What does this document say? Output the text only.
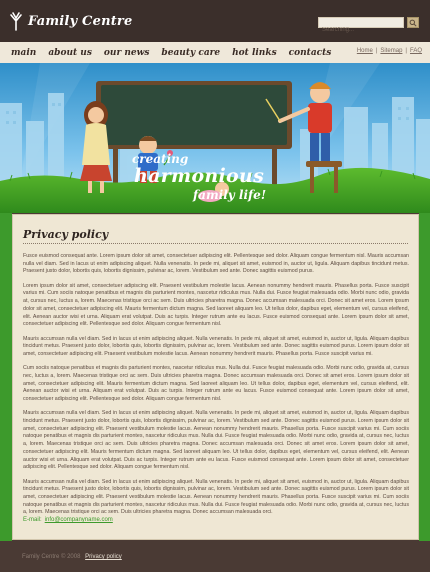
Family Centre
Searching...
main about us our news beauty care hot links contacts	Home | Sitemap | FAQ
creating
harmonious
family life!
Privacy policy

Fusce euismod consequat ante. Lorem ipsum dolor sit amet, consectetuer adipiscing elit. Pellentesque sed dolor. Aliquam congue fermentum nisl. Mauris accumsan nulla vel diam. Sed in lacus ut enim adipiscing aliquet. Nulla venenatis. In pede mi, aliquet sit amet, euismod in, auctor ut, ligula. Aliquam dapibus tincidunt metus. Praesent justo dolor, lobortis quis, lobortis dignissim, pulvinar ac, lorem. Vestibulum sed ante. Donec sagittis euismod purus.

Lorem ipsum dolor sit amet, consectetuer adipiscing elit. Praesent vestibulum molestie lacus. Aenean nonummy hendrerit mauris. Phasellus porta. Fusce suscipit varius mi. Cum sociis natoque penatibus et magnis dis parturient montes, nascetur ridiculus mus. Nulla dui. Fusce feugiat malesuada odio. Morbi nunc odio, gravida at, cursus nec, luctus a, lorem. Maecenas tristique orci ac sem. Duis ultricies pharetra magna. Donec accumsan malesuada orci. Donec sit amet eros. Lorem ipsum dolor sit amet, consectetuer adipiscing elit. Mauris fermentum dictum magna. Sed laoreet aliquam leo. Ut tellus dolor, dapibus eget, elementum vel, cursus eleifend, elit. Aenean auctor wisi et urna. Aliquam erat volutpat. Duis ac turpis. Integer rutrum ante eu lacus. Fusce euismod consequat ante. Lorem ipsum dolor sit amet, consectetuer adipiscing elit. Pellentesque sed dolor. Aliquam congue fermentum nisl.

Mauris accumsan nulla vel diam. Sed in lacus ut enim adipiscing aliquet. Nulla venenatis. In pede mi, aliquet sit amet, euismod in, auctor ut, ligula. Aliquam dapibus tincidunt metus. Praesent justo dolor, lobortis quis, lobortis dignissim, pulvinar ac, lorem. Vestibulum sed ante. Donec sagittis euismod purus. Lorem ipsum dolor sit amet, consectetuer adipiscing elit. Praesent vestibulum molestie lacus. Aenean nonummy hendrerit mauris. Phasellus porta. Fusce suscipit varius mi.

Cum sociis natoque penatibus et magnis dis parturient montes, nascetur ridiculus mus. Nulla dui. Fusce feugiat malesuada odio. Morbi nunc odio, gravida at, cursus nec, luctus a, lorem. Maecenas tristique orci ac sem. Duis ultricies pharetra magna. Donec accumsan malesuada orci. Donec sit amet eros. Lorem ipsum dolor sit amet, consectetuer adipiscing elit. Mauris fermentum dictum magna. Sed laoreet aliquam leo. Ut tellus dolor, dapibus eget, elementum vel, cursus eleifend, elit. Aenean auctor wisi et urna. Aliquam erat volutpat. Duis ac turpis. Integer rutrum ante eu lacus. Fusce euismod consequat ante. Lorem ipsum dolor sit amet, consectetuer adipiscing elit. Pellentesque sed dolor. Aliquam congue fermentum nisl.

Mauris accumsan nulla vel diam. Sed in lacus ut enim adipiscing aliquet. Nulla venenatis. In pede mi, aliquet sit amet, euismod in, auctor ut, ligula. Aliquam dapibus tincidunt metus. Praesent justo dolor, lobortis quis, lobortis dignissim, pulvinar ac, lorem. Vestibulum sed ante. Donec sagittis euismod purus. Lorem ipsum dolor sit amet, consectetuer adipiscing elit. Praesent vestibulum molestie lacus. Aenean nonummy hendrerit mauris. Phasellus porta. Fusce suscipit varius mi. Cum sociis natoque penatibus et magnis dis parturient montes, nascetur ridiculus mus. Nulla dui. Fusce feugiat malesuada odio. Morbi nunc odio, gravida at, cursus nec, luctus a, lorem. Maecenas tristique orci ac sem. Duis ultricies pharetra magna. Donec accumsan malesuada orci. Donec sit amet eros. Lorem ipsum dolor sit amet, consectetuer adipiscing elit. Mauris fermentum dictum magna. Sed laoreet aliquam leo. Ut tellus dolor, dapibus eget, elementum vel, cursus eleifend, elit. Aenean auctor wisi et urna. Aliquam erat volutpat. Duis ac turpis. Integer rutrum ante eu lacus. Fusce euismod consequat ante. Lorem ipsum dolor sit amet, consectetuer adipiscing elit. Pellentesque sed dolor. Aliquam congue fermentum nisl.

Mauris accumsan nulla vel diam. Sed in lacus ut enim adipiscing aliquet. Nulla venenatis. In pede mi, aliquet sit amet, euismod in, auctor ut, ligula. Aliquam dapibus tincidunt metus. Praesent justo dolor, lobortis quis, lobortis dignissim, pulvinar ac, lorem. Vestibulum sed ante. Donec sagittis euismod purus. Lorem ipsum dolor sit amet, consectetuer adipiscing elit. Praesent vestibulum molestie lacus. Aenean nonummy hendrerit mauris. Phasellus porta. Fusce suscipit varius mi. Cum sociis natoque penatibus et magnis dis parturient montes, nascetur ridiculus mus. Nulla dui. Fusce feugiat malesuada odio. Morbi nunc odio, gravida at, cursus nec, luctus a, lorem. Maecenas tristique orci ac sem. Duis ultricies pharetra magna. Donec accumsan malesuada orci.

E-mail: info@companyname.com
Family Centre © 2008 Privacy policy
